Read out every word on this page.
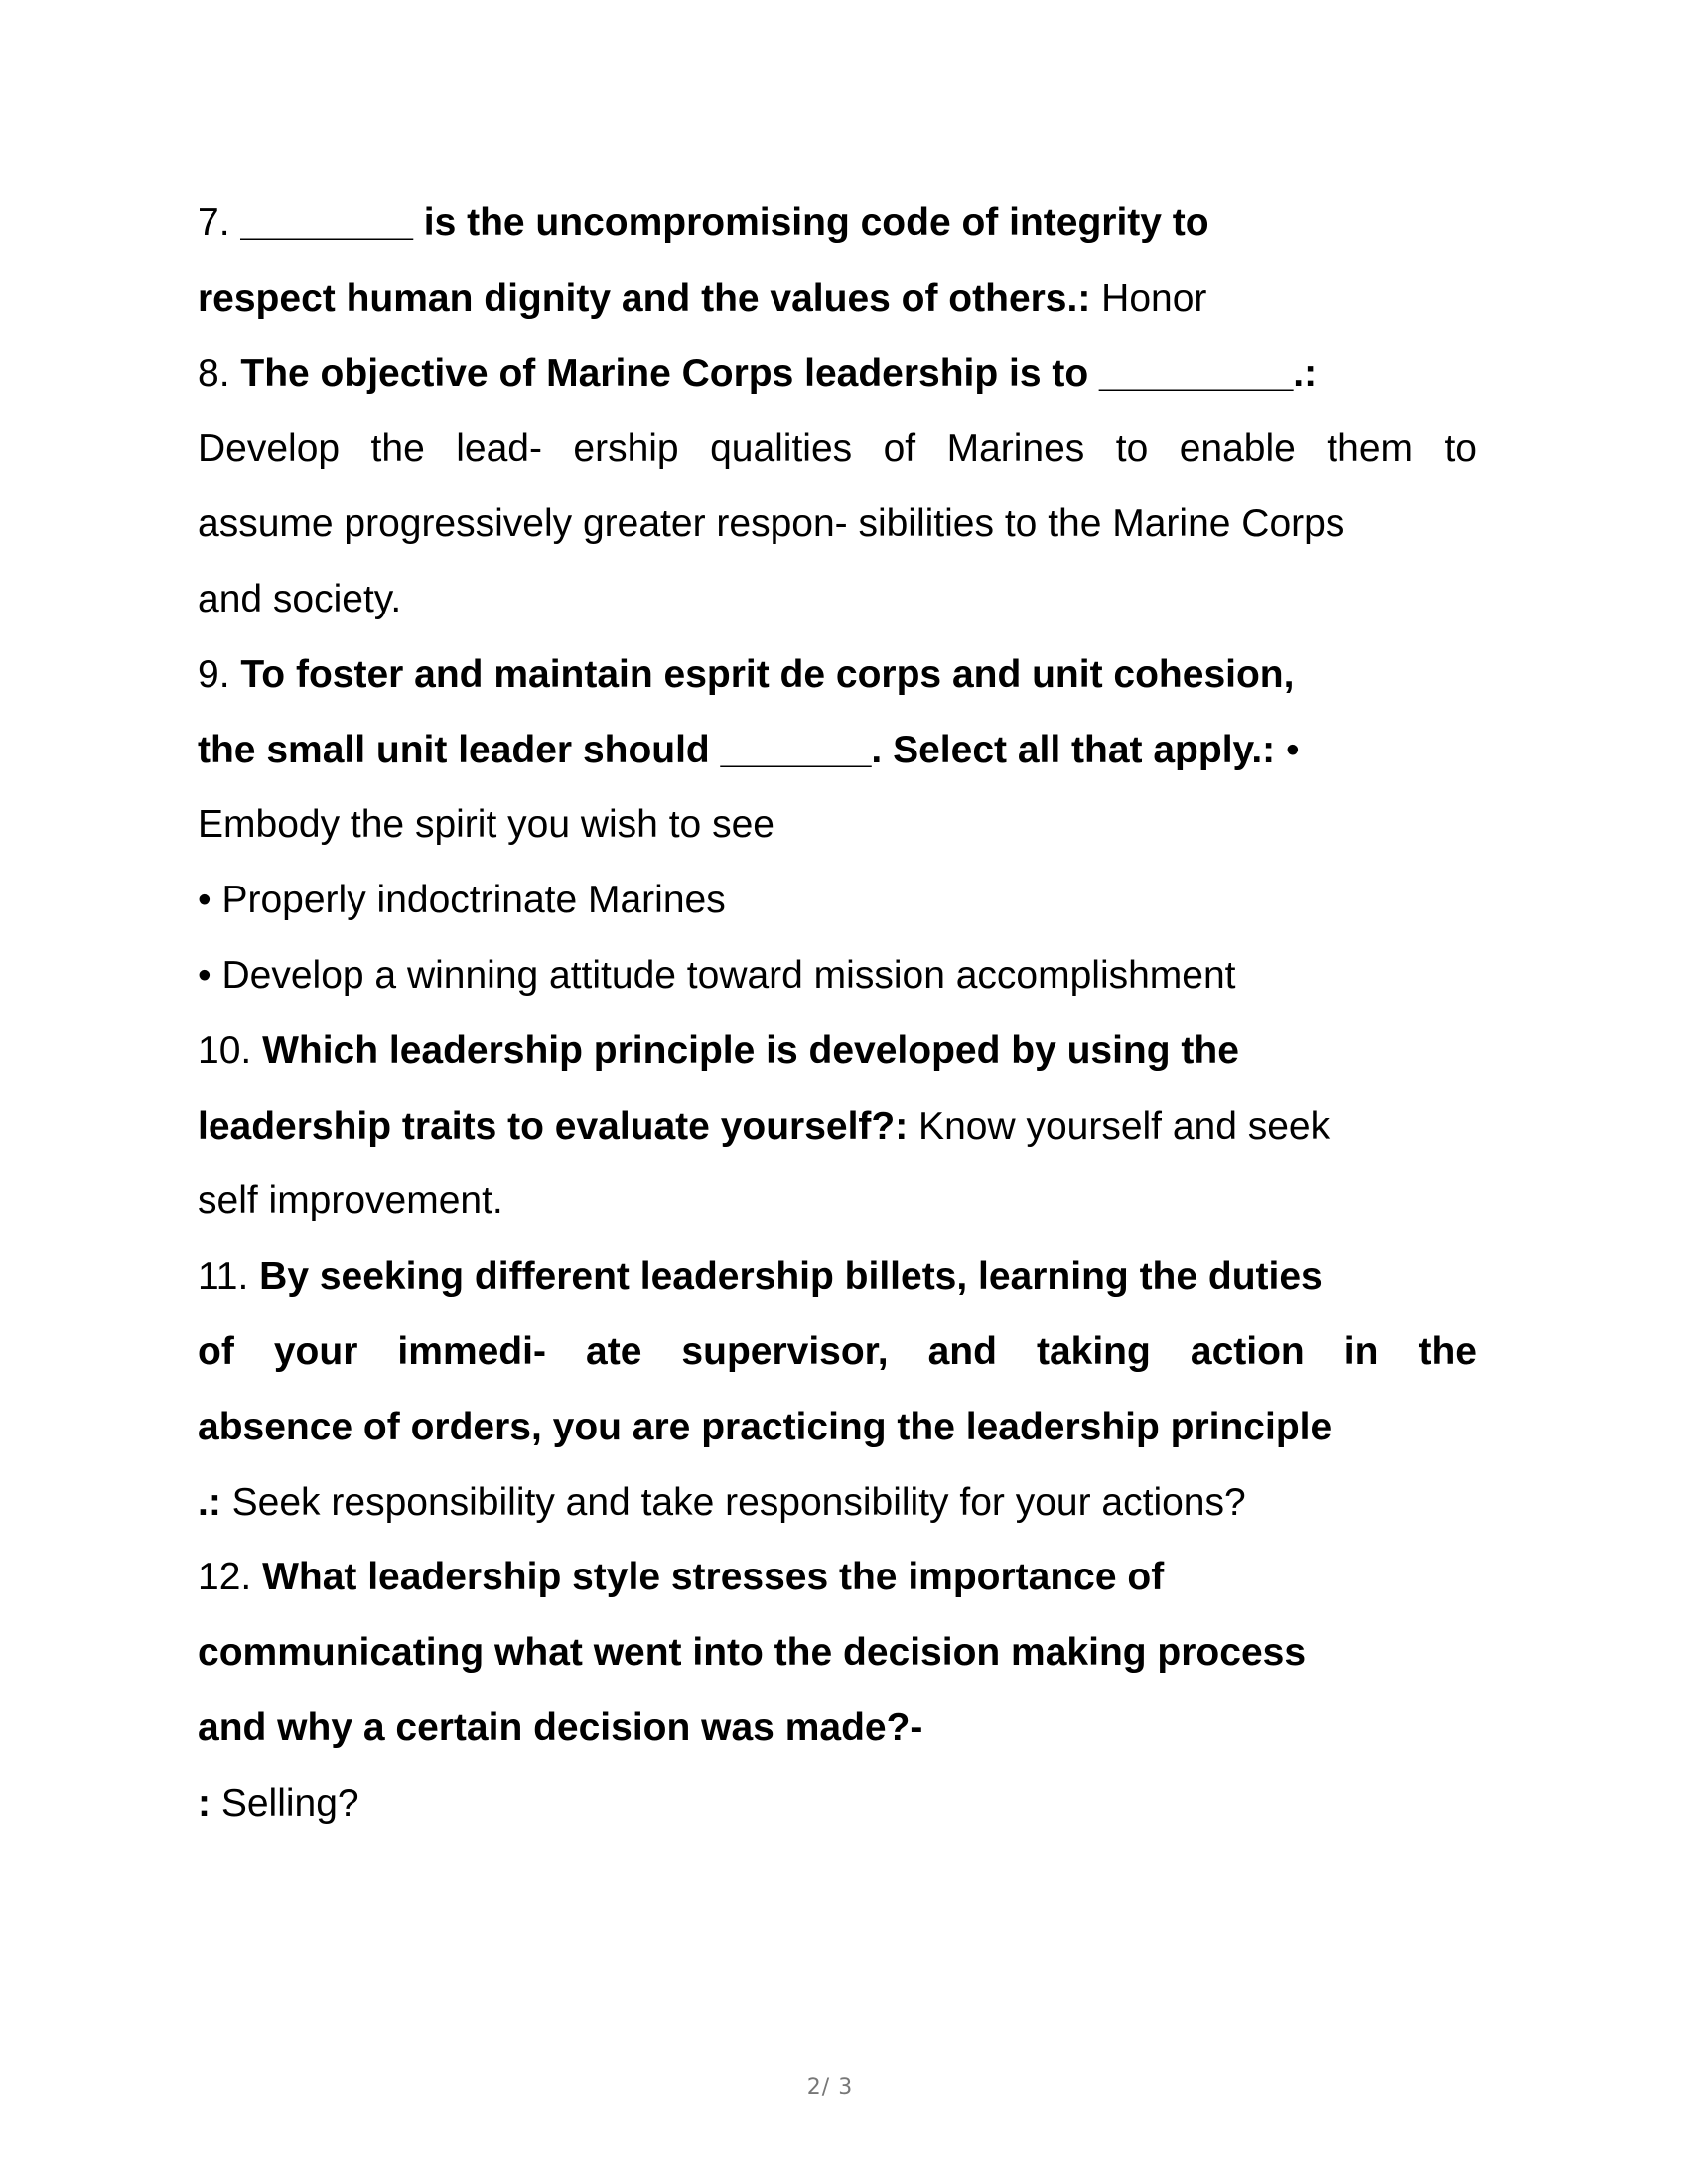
7. ________ is the uncompromising code of integrity to
respect human dignity and the values of others.: Honor
8. The objective of Marine Corps leadership is to _________.:
Develop the lead- ership qualities of Marines to enable them to
assume progressively greater respon- sibilities to the Marine Corps
and society.
9. To foster and maintain esprit de corps and unit cohesion,
the small unit leader should _______. Select all that apply.: •
Embody the spirit you wish to see
• Properly indoctrinate Marines
• Develop a winning attitude toward mission accomplishment
10. Which leadership principle is developed by using the
leadership traits to evaluate yourself?: Know yourself and seek
self improvement.
11. By seeking different leadership billets, learning the duties
of your immedi- ate supervisor, and taking action in the
absence of orders, you are practicing the leadership principle
.: Seek responsibility and take responsibility for your actions?
12. What leadership style stresses the importance of
communicating what went into the decision making process
and why a certain decision was made?-
: Selling?
2/ 3
